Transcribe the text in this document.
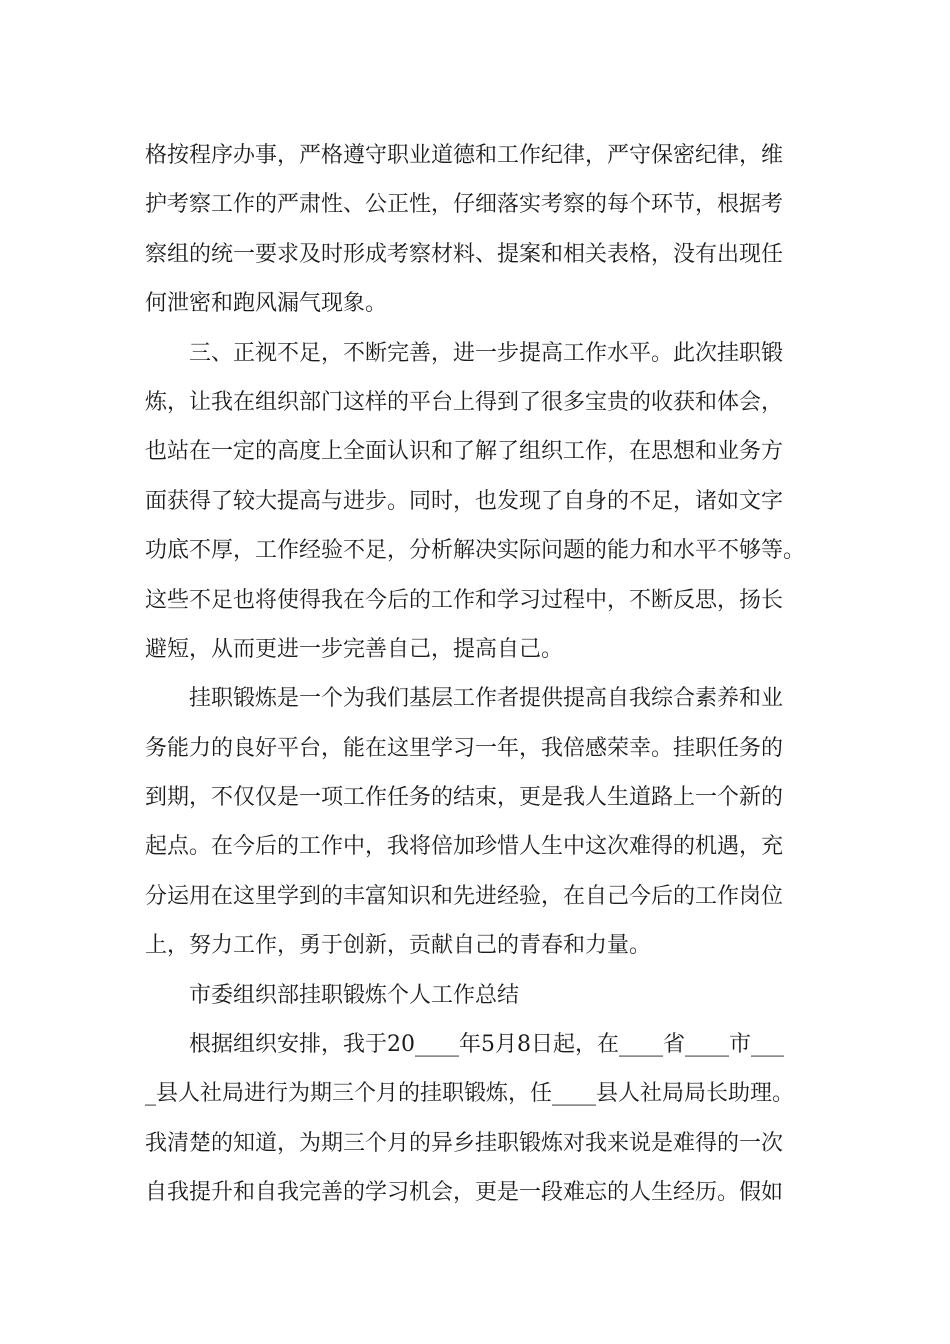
格按程序办事，严格遵守职业道德和工作纪律，严守保密纪律，维
护考察工作的严肃性、公正性，仔细落实考察的每个环节，根据考
察组的统一要求及时形成考察材料、提案和相关表格，没有出现任
何泄密和跑风漏气现象。
三、正视不足，不断完善，进一步提高工作水平。此次挂职锻
炼，让我在组织部门这样的平台上得到了很多宝贵的收获和体会，
也站在一定的高度上全面认识和了解了组织工作，在思想和业务方
面获得了较大提高与进步。同时，也发现了自身的不足，诸如文字
功底不厚，工作经验不足，分析解决实际问题的能力和水平不够等。
这些不足也将使得我在今后的工作和学习过程中，不断反思，扬长
避短，从而更进一步完善自己，提高自己。
挂职锻炼是一个为我们基层工作者提供提高自我综合素养和业
务能力的良好平台，能在这里学习一年，我倍感荣幸。挂职任务的
到期，不仅仅是一项工作任务的结束，更是我人生道路上一个新的
起点。在今后的工作中，我将倍加珍惜人生中这次难得的机遇，充
分运用在这里学到的丰富知识和先进经验，在自己今后的工作岗位
上，努力工作，勇于创新，贡献自己的青春和力量。
市委组织部挂职锻炼个人工作总结
根据组织安排，我于20____年5月8日起，在____省____市___
_县人社局进行为期三个月的挂职锻炼，任____县人社局局长助理。
我清楚的知道，为期三个月的异乡挂职锻炼对我来说是难得的一次
自我提升和自我完善的学习机会，更是一段难忘的人生经历。假如
